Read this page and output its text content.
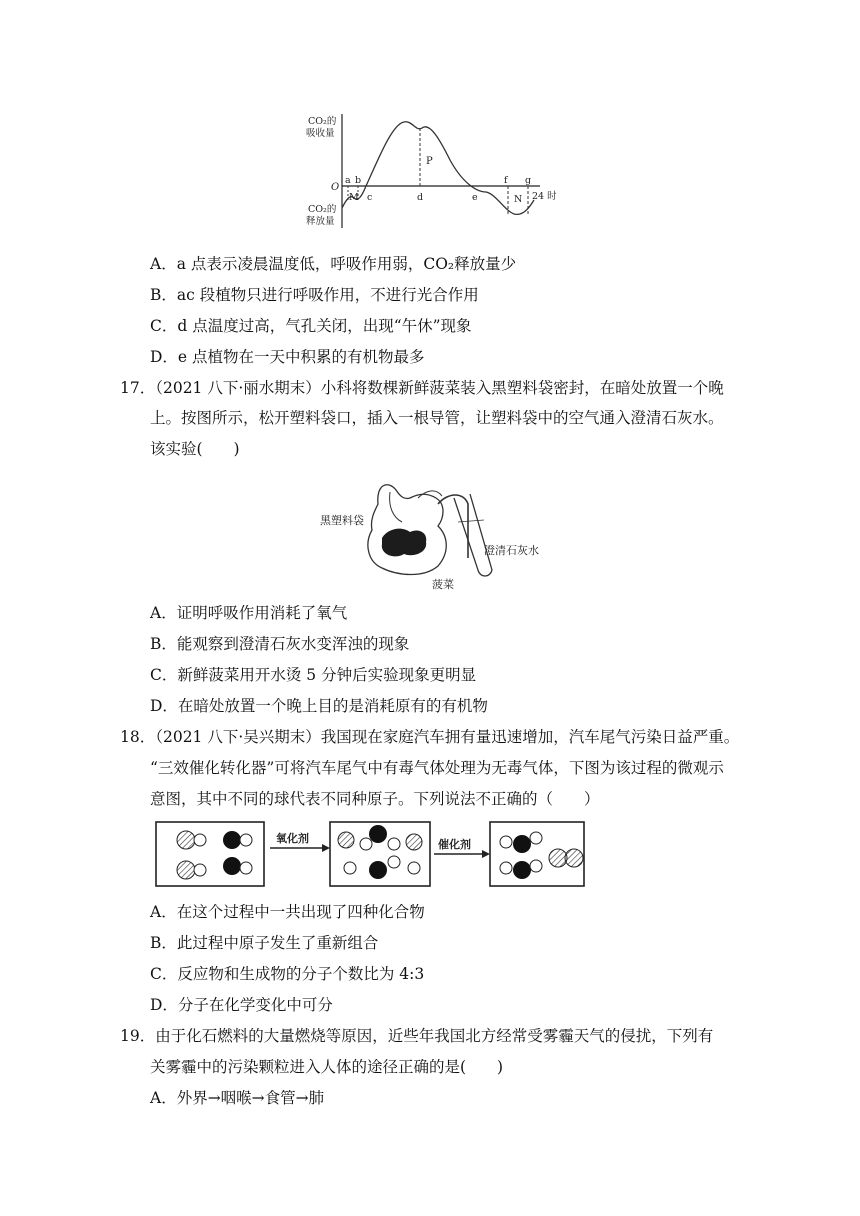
CO₂的
吸收量
CO₂的
释放量
O
a b
M c	d
P
e
f
N
g
24 时
A．a 点表示凌晨温度低，呼吸作用弱，CO₂释放量少
B．ac 段植物只进行呼吸作用，不进行光合作用
C．d 点温度过高，气孔关闭，出现“午休”现象
D．e 点植物在一天中积累的有机物最多
17．（2021 八下·丽水期末）小科将数棵新鲜菠菜装入黑塑料袋密封，在暗处放置一个晚
上。按图所示，松开塑料袋口，插入一根导管，让塑料袋中的空气通入澄清石灰水。
该实验(　　)
黑塑料袋
澄清石灰水
菠菜
A．证明呼吸作用消耗了氧气
B．能观察到澄清石灰水变浑浊的现象
C．新鲜菠菜用开水烫 5 分钟后实验现象更明显
D．在暗处放置一个晚上目的是消耗原有的有机物
18．（2021 八下·吴兴期末）我国现在家庭汽车拥有量迅速增加，汽车尾气污染日益严重。
“三效催化转化器”可将汽车尾气中有毒气体处理为无毒气体，下图为该过程的微观示
意图，其中不同的球代表不同种原子。下列说法不正确的（　　）
氧化剂	催化剂
A．在这个过程中一共出现了四种化合物
B．此过程中原子发生了重新组合
C．反应物和生成物的分子个数比为 4:3
D．分子在化学变化中可分
19．由于化石燃料的大量燃烧等原因，近些年我国北方经常受雾霾天气的侵扰，下列有
关雾霾中的污染颗粒进入人体的途径正确的是(　　)
A．外界→咽喉→食管→肺
